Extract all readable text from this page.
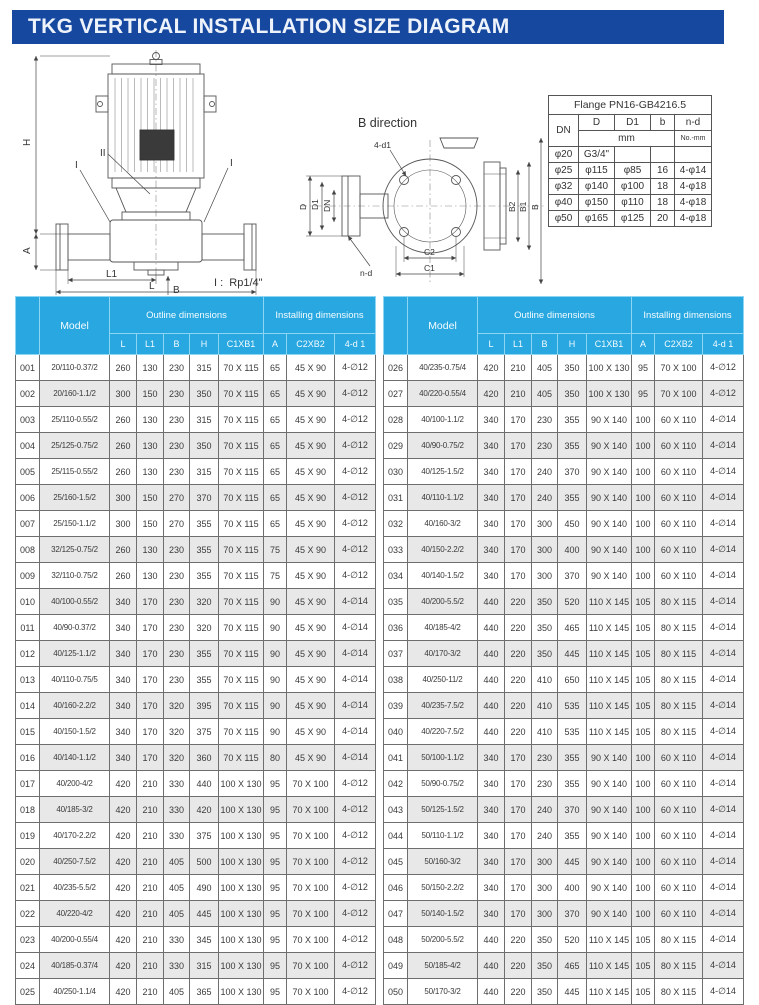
TKG VERTICAL INSTALLATION SIZE DIAGRAM
II
I	I
H
A
L1
L B

I :  Rp1/4"

B direction
4-d1
n-d
D D1 DN	B2 B1 B
C2
C1
Flange PN16-GB4216.5				
DN	D	D1	b	n-d
	mm			No.-mm
φ20	G3/4"			
φ25	φ115	φ85	16	4-φ14
φ32	φ140	φ100	18	4-φ18
φ40	φ150	φ110	18	4-φ18
φ50	φ165	φ125	20	4-φ18
	Model	Outline dimensions					Installing dimensions		
		L	L1	B	H	C1XB1	A	C2XB2	4-d 1
001	20/110-0.37/2	260	130	230	315	70 X 115	65	45 X 90	4-∅12
002	20/160-1.1/2	300	150	230	350	70 X 115	65	45 X 90	4-∅12
003	25/110-0.55/2	260	130	230	315	70 X 115	65	45 X 90	4-∅12
004	25/125-0.75/2	260	130	230	350	70 X 115	65	45 X 90	4-∅12
005	25/115-0.55/2	260	130	230	315	70 X 115	65	45 X 90	4-∅12
006	25/160-1.5/2	300	150	270	370	70 X 115	65	45 X 90	4-∅12
007	25/150-1.1/2	300	150	270	355	70 X 115	65	45 X 90	4-∅12
008	32/125-0.75/2	260	130	230	355	70 X 115	75	45 X 90	4-∅12
009	32/110-0.75/2	260	130	230	355	70 X 115	75	45 X 90	4-∅12
010	40/100-0.55/2	340	170	230	320	70 X 115	90	45 X 90	4-∅14
011	40/90-0.37/2	340	170	230	320	70 X 115	90	45 X 90	4-∅14
012	40/125-1.1/2	340	170	230	355	70 X 115	90	45 X 90	4-∅14
013	40/110-0.75/5	340	170	230	355	70 X 115	90	45 X 90	4-∅14
014	40/160-2.2/2	340	170	320	395	70 X 115	90	45 X 90	4-∅14
015	40/150-1.5/2	340	170	320	375	70 X 115	90	45 X 90	4-∅14
016	40/140-1.1/2	340	170	320	360	70 X 115	80	45 X 90	4-∅14
017	40/200-4/2	420	210	330	440	100 X 130	95	70 X 100	4-∅12
018	40/185-3/2	420	210	330	420	100 X 130	95	70 X 100	4-∅12
019	40/170-2.2/2	420	210	330	375	100 X 130	95	70 X 100	4-∅12
020	40/250-7.5/2	420	210	405	500	100 X 130	95	70 X 100	4-∅12
021	40/235-5.5/2	420	210	405	490	100 X 130	95	70 X 100	4-∅12
022	40/220-4/2	420	210	405	445	100 X 130	95	70 X 100	4-∅12
023	40/200-0.55/4	420	210	330	345	100 X 130	95	70 X 100	4-∅12
024	40/185-0.37/4	420	210	330	315	100 X 130	95	70 X 100	4-∅12
025	40/250-1.1/4	420	210	405	365	100 X 130	95	70 X 100	4-∅12
	Model	Outline dimensions					Installing dimensions		
		L	L1	B	H	C1XB1	A	C2XB2	4-d 1
026	40/235-0.75/4	420	210	405	350	100 X 130	95	70 X 100	4-∅12
027	40/220-0.55/4	420	210	405	350	100 X 130	95	70 X 100	4-∅12
028	40/100-1.1/2	340	170	230	355	90 X 140	100	60 X 110	4-∅14
029	40/90-0.75/2	340	170	230	355	90 X 140	100	60 X 110	4-∅14
030	40/125-1.5/2	340	170	240	370	90 X 140	100	60 X 110	4-∅14
031	40/110-1.1/2	340	170	240	355	90 X 140	100	60 X 110	4-∅14
032	40/160-3/2	340	170	300	450	90 X 140	100	60 X 110	4-∅14
033	40/150-2.2/2	340	170	300	400	90 X 140	100	60 X 110	4-∅14
034	40/140-1.5/2	340	170	300	370	90 X 140	100	60 X 110	4-∅14
035	40/200-5.5/2	440	220	350	520	110 X 145	105	80 X 115	4-∅14
036	40/185-4/2	440	220	350	465	110 X 145	105	80 X 115	4-∅14
037	40/170-3/2	440	220	350	445	110 X 145	105	80 X 115	4-∅14
038	40/250-11/2	440	220	410	650	110 X 145	105	80 X 115	4-∅14
039	40/235-7.5/2	440	220	410	535	110 X 145	105	80 X 115	4-∅14
040	40/220-7.5/2	440	220	410	535	110 X 145	105	80 X 115	4-∅14
041	50/100-1.1/2	340	170	230	355	90 X 140	100	60 X 110	4-∅14
042	50/90-0.75/2	340	170	230	355	90 X 140	100	60 X 110	4-∅14
043	50/125-1.5/2	340	170	240	370	90 X 140	100	60 X 110	4-∅14
044	50/110-1.1/2	340	170	240	355	90 X 140	100	60 X 110	4-∅14
045	50/160-3/2	340	170	300	445	90 X 140	100	60 X 110	4-∅14
046	50/150-2.2/2	340	170	300	400	90 X 140	100	60 X 110	4-∅14
047	50/140-1.5/2	340	170	300	370	90 X 140	100	60 X 110	4-∅14
048	50/200-5.5/2	440	220	350	520	110 X 145	105	80 X 115	4-∅14
049	50/185-4/2	440	220	350	465	110 X 145	105	80 X 115	4-∅14
050	50/170-3/2	440	220	350	445	110 X 145	105	80 X 115	4-∅14
